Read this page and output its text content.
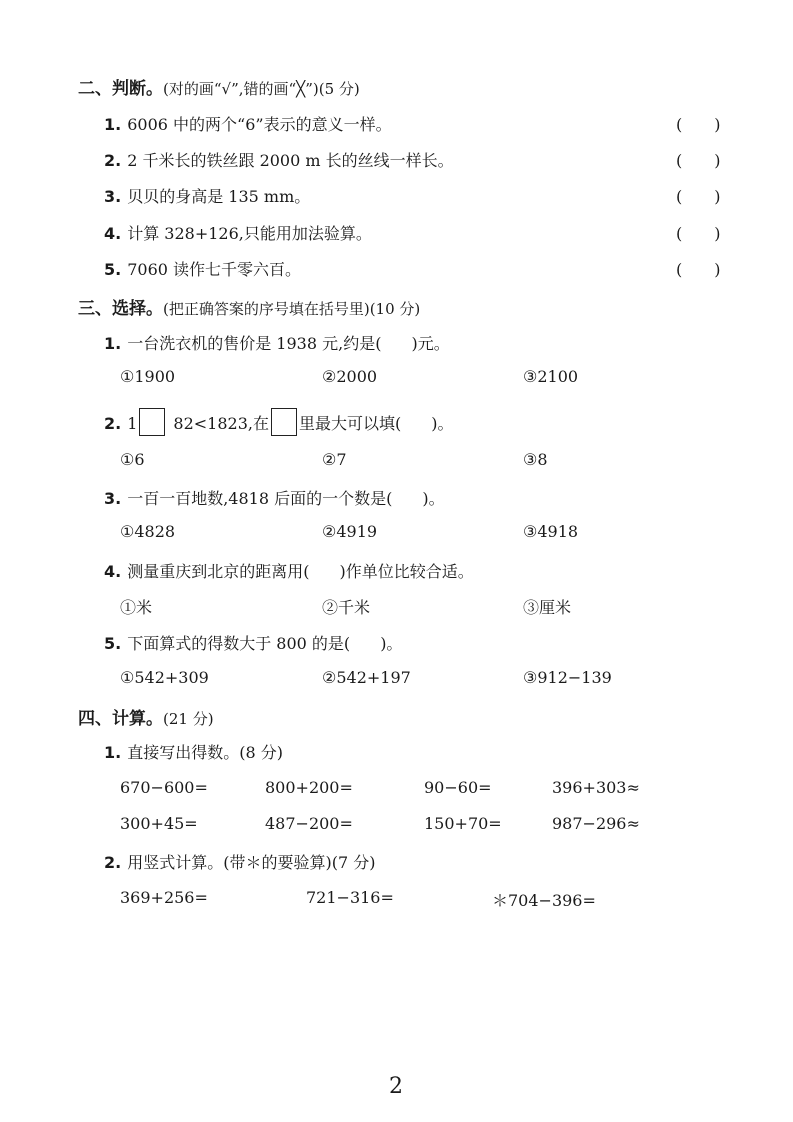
二、判断。(对的画“√”,错的画“╳”)(5 分)
1. 6006 中的两个“6”表示的意义一样。	(　　)
2. 2 千米长的铁丝跟 2000 m 长的丝线一样长。	(　　)
3. 贝贝的身高是 135 mm。	(　　)
4. 计算 328+126,只能用加法验算。	(　　)
5. 7060 读作七千零六百。	(　　)
三、选择。(把正确答案的序号填在括号里)(10 分)
1. 一台洗衣机的售价是 1938 元,约是( )元。
①1900	②2000	③2100
2. 1 82<1823,在 里最大可以填( )。
①6	②7	③8
3. 一百一百地数,4818 后面的一个数是( )。
①4828	②4919	③4918
4. 测量重庆到北京的距离用( )作单位比较合适。
①米	②千米	③厘米
5. 下面算式的得数大于 800 的是( )。
①542+309	②542+197	③912−139
四、计算。(21 分)
1. 直接写出得数。(8 分)
670−600=	800+200=	90−60=	396+303≈
300+45=	487−200=	150+70=	987−296≈
2. 用竖式计算。(带＊的要验算)(7 分)
369+256=	721−316=	＊704−396=
2
